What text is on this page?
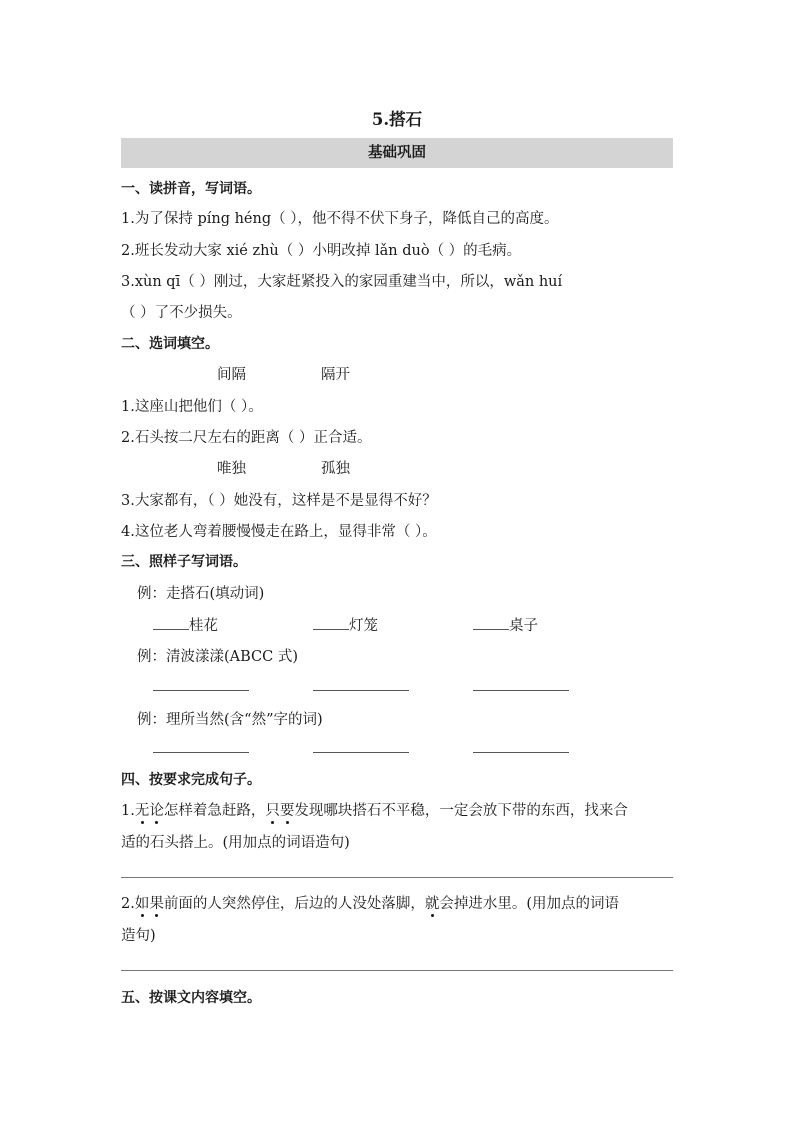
5.搭石
基础巩固
一、读拼音，写词语。
1.为了保持 píng héng（ ），他不得不伏下身子，降低自己的高度。
2.班长发动大家 xié zhù（ ）小明改掉 lǎn duò（ ）的毛病。
3.xùn qī（ ）刚过，大家赶紧投入的家园重建当中，所以，wǎn huí
（ ）了不少损失。
二、选词填空。
间隔	隔开
1.这座山把他们（ ）。
2.石头按二尺左右的距离（ ）正合适。
唯独	孤独
3.大家都有，（ ）她没有，这样是不是显得不好？
4.这位老人弯着腰慢慢走在路上，显得非常（ ）。
三、照样子写词语。
例：走搭石(填动词)
桂花	灯笼	桌子
例：清波漾漾(ABCC 式)
例：理所当然(含“然”字的词)
四、按要求完成句子。
1.无论怎样着急赶路，只要发现哪块搭石不平稳，一定会放下带的东西，找来合
适的石头搭上。(用加点的词语造句)
2.如果前面的人突然停住，后边的人没处落脚，就会掉进水里。(用加点的词语
造句)
五、按课文内容填空。
